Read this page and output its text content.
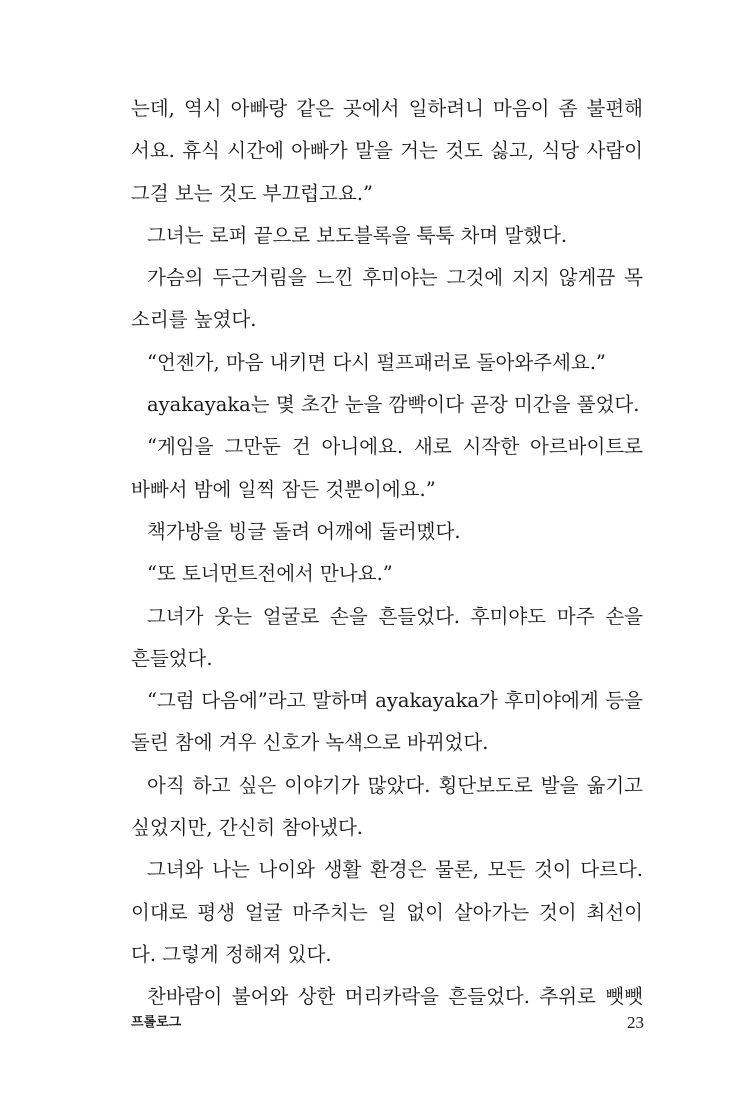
는데, 역시 아빠랑 같은 곳에서 일하려니 마음이 좀 불편해
서요. 휴식 시간에 아빠가 말을 거는 것도 싫고, 식당 사람이
그걸 보는 것도 부끄럽고요.”
그녀는 로퍼 끝으로 보도블록을 툭툭 차며 말했다.
가슴의 두근거림을 느낀 후미야는 그것에 지지 않게끔 목
소리를 높였다.
“언젠가, 마음 내키면 다시 펄프패러로 돌아와주세요.”
ayakayaka는 몇 초간 눈을 깜빡이다 곧장 미간을 풀었다.
“게임을 그만둔 건 아니에요. 새로 시작한 아르바이트로
바빠서 밤에 일찍 잠든 것뿐이에요.”
책가방을 빙글 돌려 어깨에 둘러멨다.
“또 토너먼트전에서 만나요.”
그녀가 웃는 얼굴로 손을 흔들었다. 후미야도 마주 손을
흔들었다.
“그럼 다음에”라고 말하며 ayakayaka가 후미야에게 등을
돌린 참에 겨우 신호가 녹색으로 바뀌었다.
아직 하고 싶은 이야기가 많았다. 횡단보도로 발을 옮기고
싶었지만, 간신히 참아냈다.
그녀와 나는 나이와 생활 환경은 물론, 모든 것이 다르다.
이대로 평생 얼굴 마주치는 일 없이 살아가는 것이 최선이
다. 그렇게 정해져 있다.
찬바람이 불어와 상한 머리카락을 흔들었다. 추위로 뺏뺏
프롤로그	23
